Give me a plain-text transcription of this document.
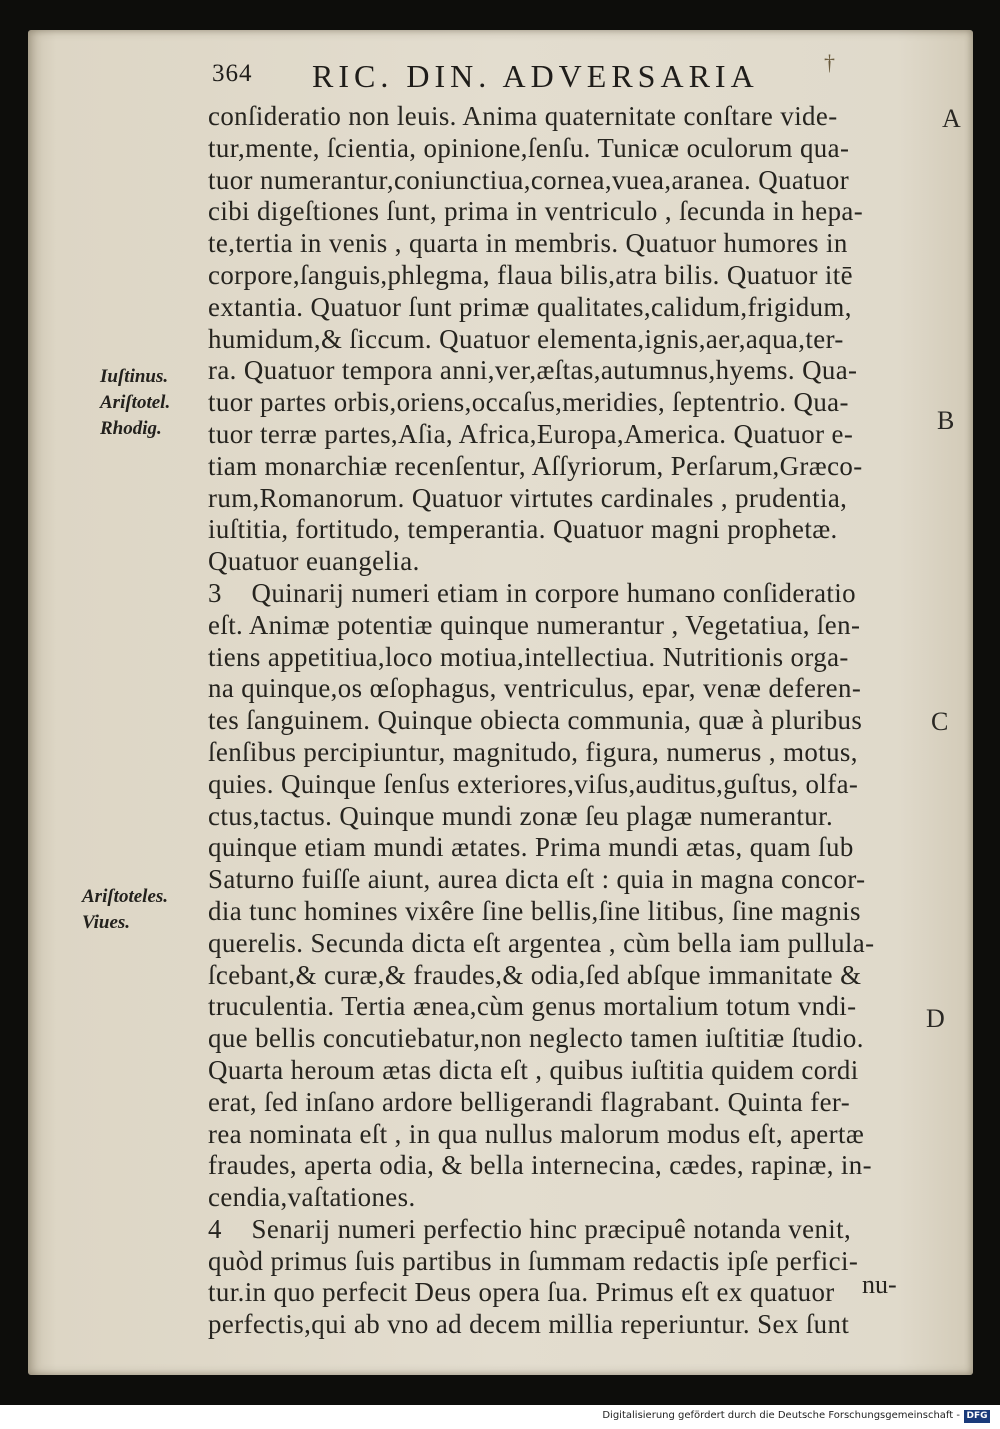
364 RIC. DIN. ADVERSARIA	†
A
B
C
D
Iuſtinus.
Ariſtotel.
Rhodig.
Ariſtoteles.
Viues.
conſideratio non leuis. Anima quaternitate conſtare vide-
tur,mente, ſcientia, opinione,ſenſu. Tunicæ oculorum qua-
tuor numerantur,coniunctiua,cornea,vuea,aranea. Quatuor
cibi digeſtiones ſunt, prima in ventriculo , ſecunda in hepa-
te,tertia in venis , quarta in membris. Quatuor humores in
corpore,ſanguis,phlegma, flaua bilis,atra bilis. Quatuor itē
extantia. Quatuor ſunt primæ qualitates,calidum,frigidum,
humidum,& ſiccum. Quatuor elementa,ignis,aer,aqua,ter-
ra. Quatuor tempora anni,ver,æſtas,autumnus,hyems. Qua-
tuor partes orbis,oriens,occaſus,meridies, ſeptentrio. Qua-
tuor terræ partes,Aſia, Africa,Europa,America. Quatuor e-
tiam monarchiæ recenſentur, Aſſyriorum, Perſarum,Græco-
rum,Romanorum. Quatuor virtutes cardinales , prudentia,
iuſtitia, fortitudo, temperantia. Quatuor magni prophetæ.
Quatuor euangelia.
3 Quinarij numeri etiam in corpore humano conſideratio
eſt. Animæ potentiæ quinque numerantur , Vegetatiua, ſen-
tiens appetitiua,loco motiua,intellectiua. Nutritionis orga-
na quinque,os œſophagus, ventriculus, epar, venæ deferen-
tes ſanguinem. Quinque obiecta communia, quæ à pluribus
ſenſibus percipiuntur, magnitudo, figura, numerus , motus,
quies. Quinque ſenſus exteriores,viſus,auditus,guſtus, olfa-
ctus,tactus. Quinque mundi zonæ ſeu plagæ numerantur.
quinque etiam mundi ætates. Prima mundi ætas, quam ſub
Saturno fuiſſe aiunt, aurea dicta eſt : quia in magna concor-
dia tunc homines vixêre ſine bellis,ſine litibus, ſine magnis
querelis. Secunda dicta eſt argentea , cùm bella iam pullula-
ſcebant,& curæ,& fraudes,& odia,ſed abſque immanitate &
truculentia. Tertia ænea,cùm genus mortalium totum vndi-
que bellis concutiebatur,non neglecto tamen iuſtitiæ ſtudio.
Quarta heroum ætas dicta eſt , quibus iuſtitia quidem cordi
erat, ſed inſano ardore belligerandi flagrabant. Quinta fer-
rea nominata eſt , in qua nullus malorum modus eſt, apertæ
fraudes, aperta odia, & bella internecina, cædes, rapinæ, in-
cendia,vaſtationes.
4 Senarij numeri perfectio hinc præcipuê notanda venit,
quòd primus ſuis partibus in ſummam redactis ipſe perfici-
tur.in quo perfecit Deus opera ſua. Primus eſt ex quatuor
perfectis,qui ab vno ad decem millia reperiuntur. Sex ſunt
nu-
Digitalisierung gefördert durch die Deutsche Forschungsgemeinschaft - DFG
